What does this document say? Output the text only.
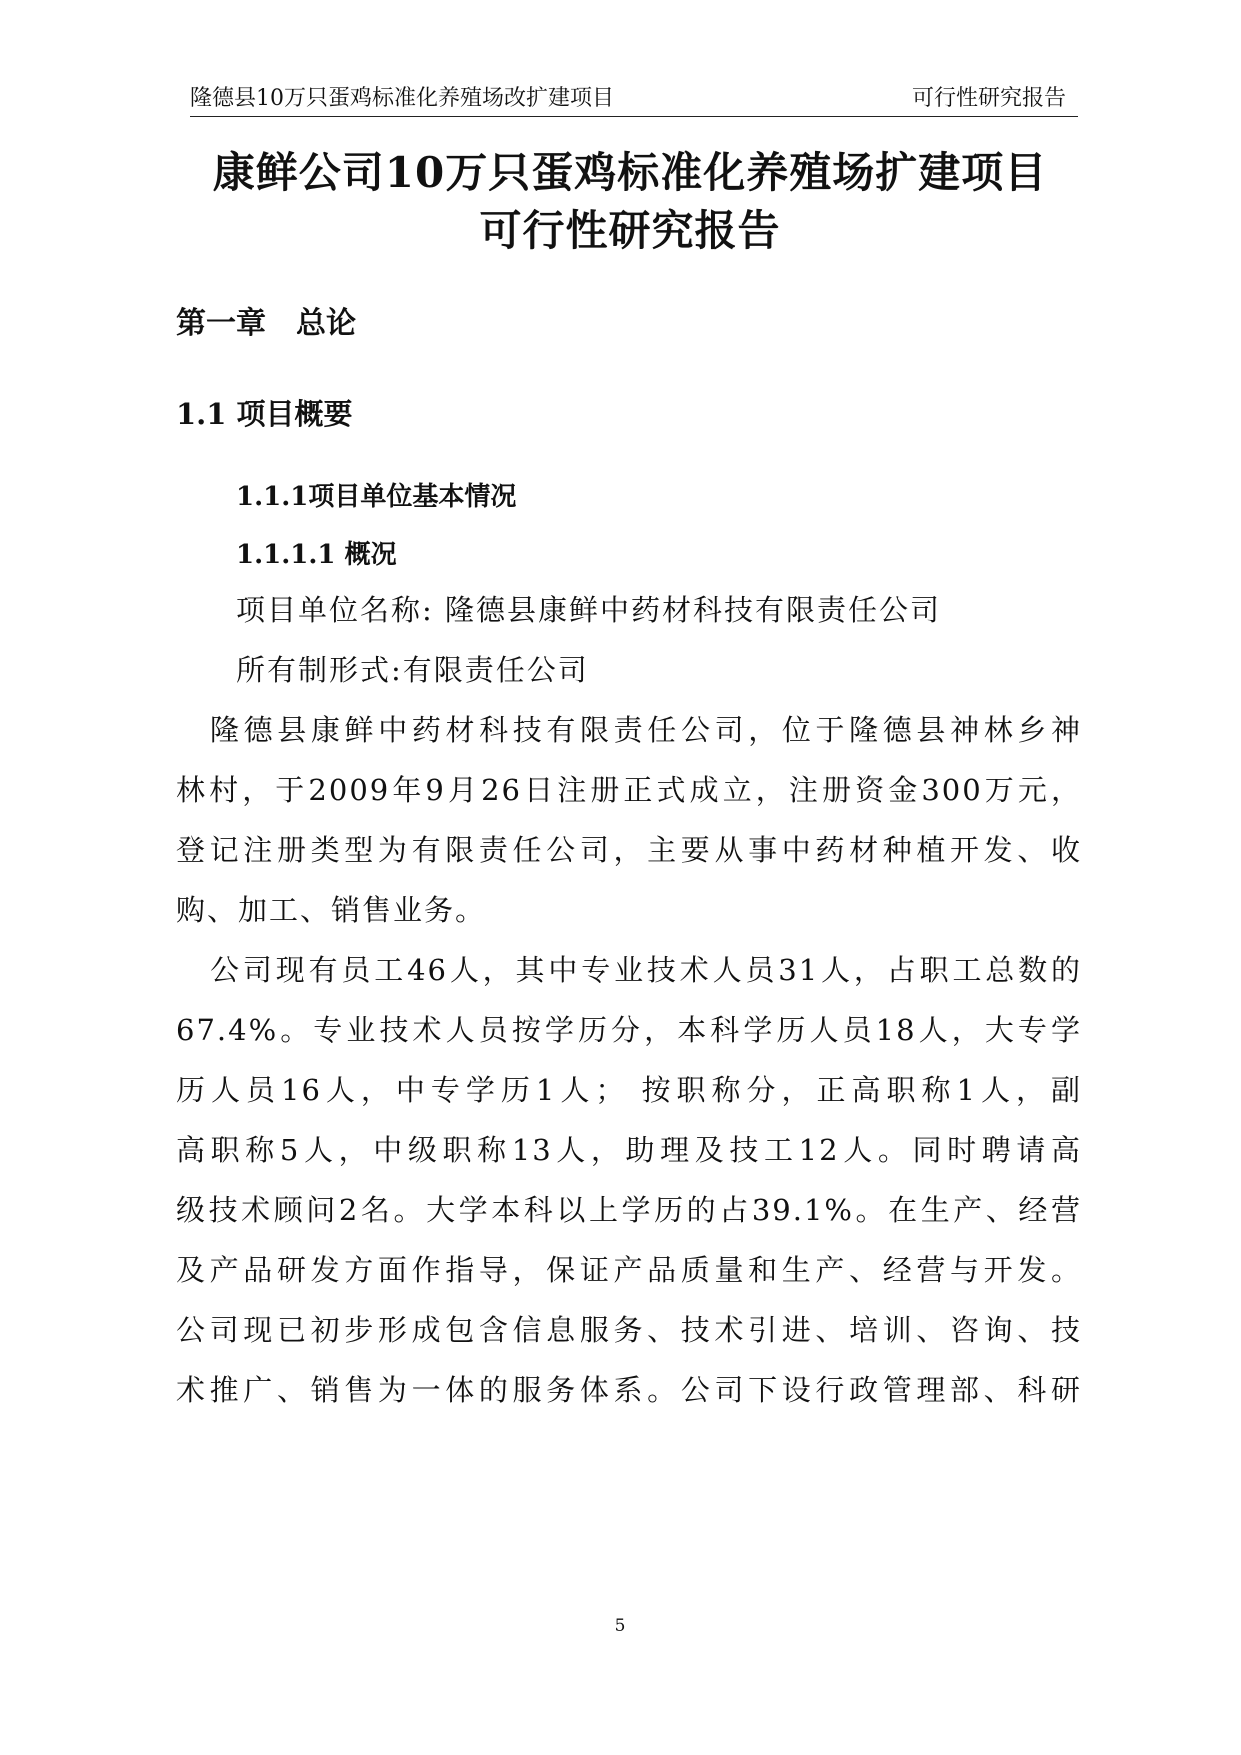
隆德县10万只蛋鸡标准化养殖场改扩建项目	可行性研究报告
康鲜公司10万只蛋鸡标准化养殖场扩建项目
可行性研究报告
第一章　总论
1.1 项目概要
1.1.1项目单位基本情况
1.1.1.1 概况
项目单位名称: 隆德县康鲜中药材科技有限责任公司
所有制形式:有限责任公司
隆德县康鲜中药材科技有限责任公司，位于隆德县神林乡神
林村，于2009年9月26日注册正式成立，注册资金300万元，
登记注册类型为有限责任公司，主要从事中药材种植开发、收
购、加工、销售业务。
公司现有员工46人，其中专业技术人员31人，占职工总数的
67.4%。专业技术人员按学历分，本科学历人员18人，大专学
历人员16人，中专学历1人； 按职称分，正高职称1人，副
高职称5人，中级职称13人，助理及技工12人。同时聘请高
级技术顾问2名。大学本科以上学历的占39.1%。在生产、经营
及产品研发方面作指导，保证产品质量和生产、经营与开发。
公司现已初步形成包含信息服务、技术引进、培训、咨询、技
术推广、销售为一体的服务体系。公司下设行政管理部、科研
5
